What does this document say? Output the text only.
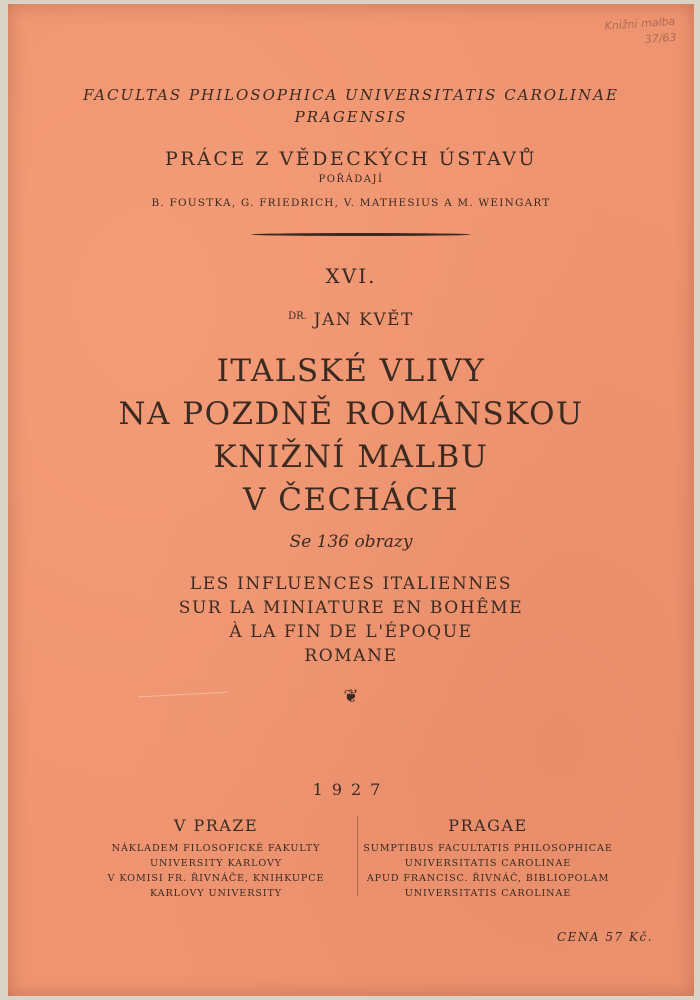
Knižní malba
37/63
FACULTAS PHILOSOPHICA UNIVERSITATIS CAROLINAE
PRAGENSIS
PRÁCE Z VĚDECKÝCH ÚSTAVŮ
POŘÁDAJÍ
B. FOUSTKA, G. FRIEDRICH, V. MATHESIUS A M. WEINGART
XVI.
$^{DR.}$ JAN KVĚT
ITALSKÉ VLIVY
NA POZDNĚ ROMÁNSKOU
KNIŽNÍ MALBU
V ČECHÁCH
Se 136 obrazy
LES INFLUENCES ITALIENNES
SUR LA MINIATURE EN BOHÊME
À LA FIN DE L'ÉPOQUE
ROMANE
❦
1927
V PRAZE
NÁKLADEM FILOSOFICKÉ FAKULTY
UNIVERSITY KARLOVY
V KOMISI FR. ŘIVNÁČE, KNIHKUPCE
KARLOVY UNIVERSITY
PRAGAE
SUMPTIBUS FACULTATIS PHILOSOPHICAE
UNIVERSITATIS CAROLINAE
APUD FRANCISC. ŘIVNÁČ, BIBLIOPOLAM
UNIVERSITATIS CAROLINAE
CENA 57 Kč.
